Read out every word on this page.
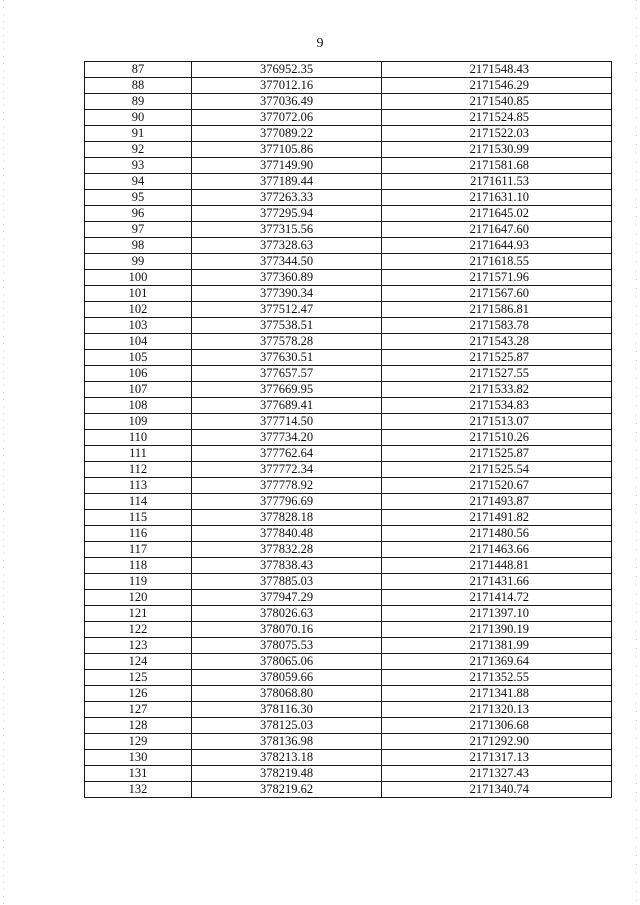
9
87	376952.35	2171548.43
88	377012.16	2171546.29
89	377036.49	2171540.85
90	377072.06	2171524.85
91	377089.22	2171522.03
92	377105.86	2171530.99
93	377149.90	2171581.68
94	377189.44	2171611.53
95	377263.33	2171631.10
96	377295.94	2171645.02
97	377315.56	2171647.60
98	377328.63	2171644.93
99	377344.50	2171618.55
100	377360.89	2171571.96
101	377390.34	2171567.60
102	377512.47	2171586.81
103	377538.51	2171583.78
104	377578.28	2171543.28
105	377630.51	2171525.87
106	377657.57	2171527.55
107	377669.95	2171533.82
108	377689.41	2171534.83
109	377714.50	2171513.07
110	377734.20	2171510.26
111	377762.64	2171525.87
112	377772.34	2171525.54
113	377778.92	2171520.67
114	377796.69	2171493.87
115	377828.18	2171491.82
116	377840.48	2171480.56
117	377832.28	2171463.66
118	377838.43	2171448.81
119	377885.03	2171431.66
120	377947.29	2171414.72
121	378026.63	2171397.10
122	378070.16	2171390.19
123	378075.53	2171381.99
124	378065.06	2171369.64
125	378059.66	2171352.55
126	378068.80	2171341.88
127	378116.30	2171320.13
128	378125.03	2171306.68
129	378136.98	2171292.90
130	378213.18	2171317.13
131	378219.48	2171327.43
132	378219.62	2171340.74
